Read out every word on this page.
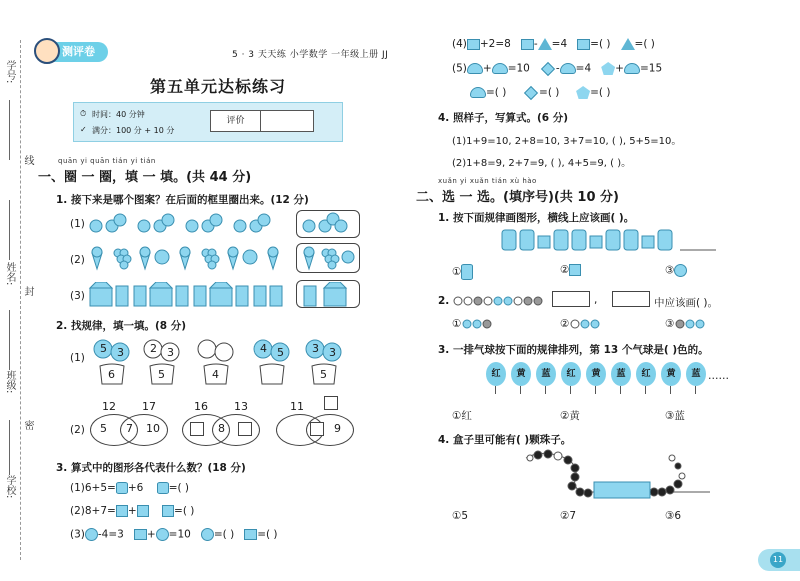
学号:
线
姓名:
封
班级:
密
学校:
测评卷	5 · 3 天天练 小学数学 一年级上册 JJ
第五单元达标练习
⏱ 时间：40 分钟
✓ 满分：100 分 + 10 分
评价
quān yi quān tián yi tián
一、圈 一 圈，填 一 填。(共 44 分)
1. 接下来是哪个图案？在后面的框里圈出来。(12 分)
(1)
(2)
(3)
2. 找规律，填一填。(8 分)
(1)
5 3
6
2 3
5	4
4 5	3 3
5
(2)
12 17
5 7 10
16 13
8
11
9
3. 算式中的图形各代表什么数？(18 分)
(1)6+5= +6 =( )
(2)8+7= +	=( )
(3) -4=3 + =10 =( ) =( )
(4) +2=8 - =4 =( ) =( )
(5) + =10 - =4 + =15
=( )	=( )	=( )
4. 照样子，写算式。(6 分)
(1)1+9=10, 2+8=10, 3+7=10, ( ), 5+5=10。
(2)1+8=9, 2+7=9, ( ), 4+5=9, ( )。
xuǎn yi xuǎn tián xù hào
二、选 一 选。(填序号)(共 10 分)
1. 按下面规律画图形，横线上应该画( )。
①	②	③
2.	,	中应该画( )。
①	②	③
3. 一排气球按下面的规律排列，第 13 个气球是( )色的。
红	黄	蓝	红	黄	蓝	红	黄	蓝 ……
①红	②黄	③蓝
4. 盒子里可能有( )颗珠子。
①5	②7	③6
11
